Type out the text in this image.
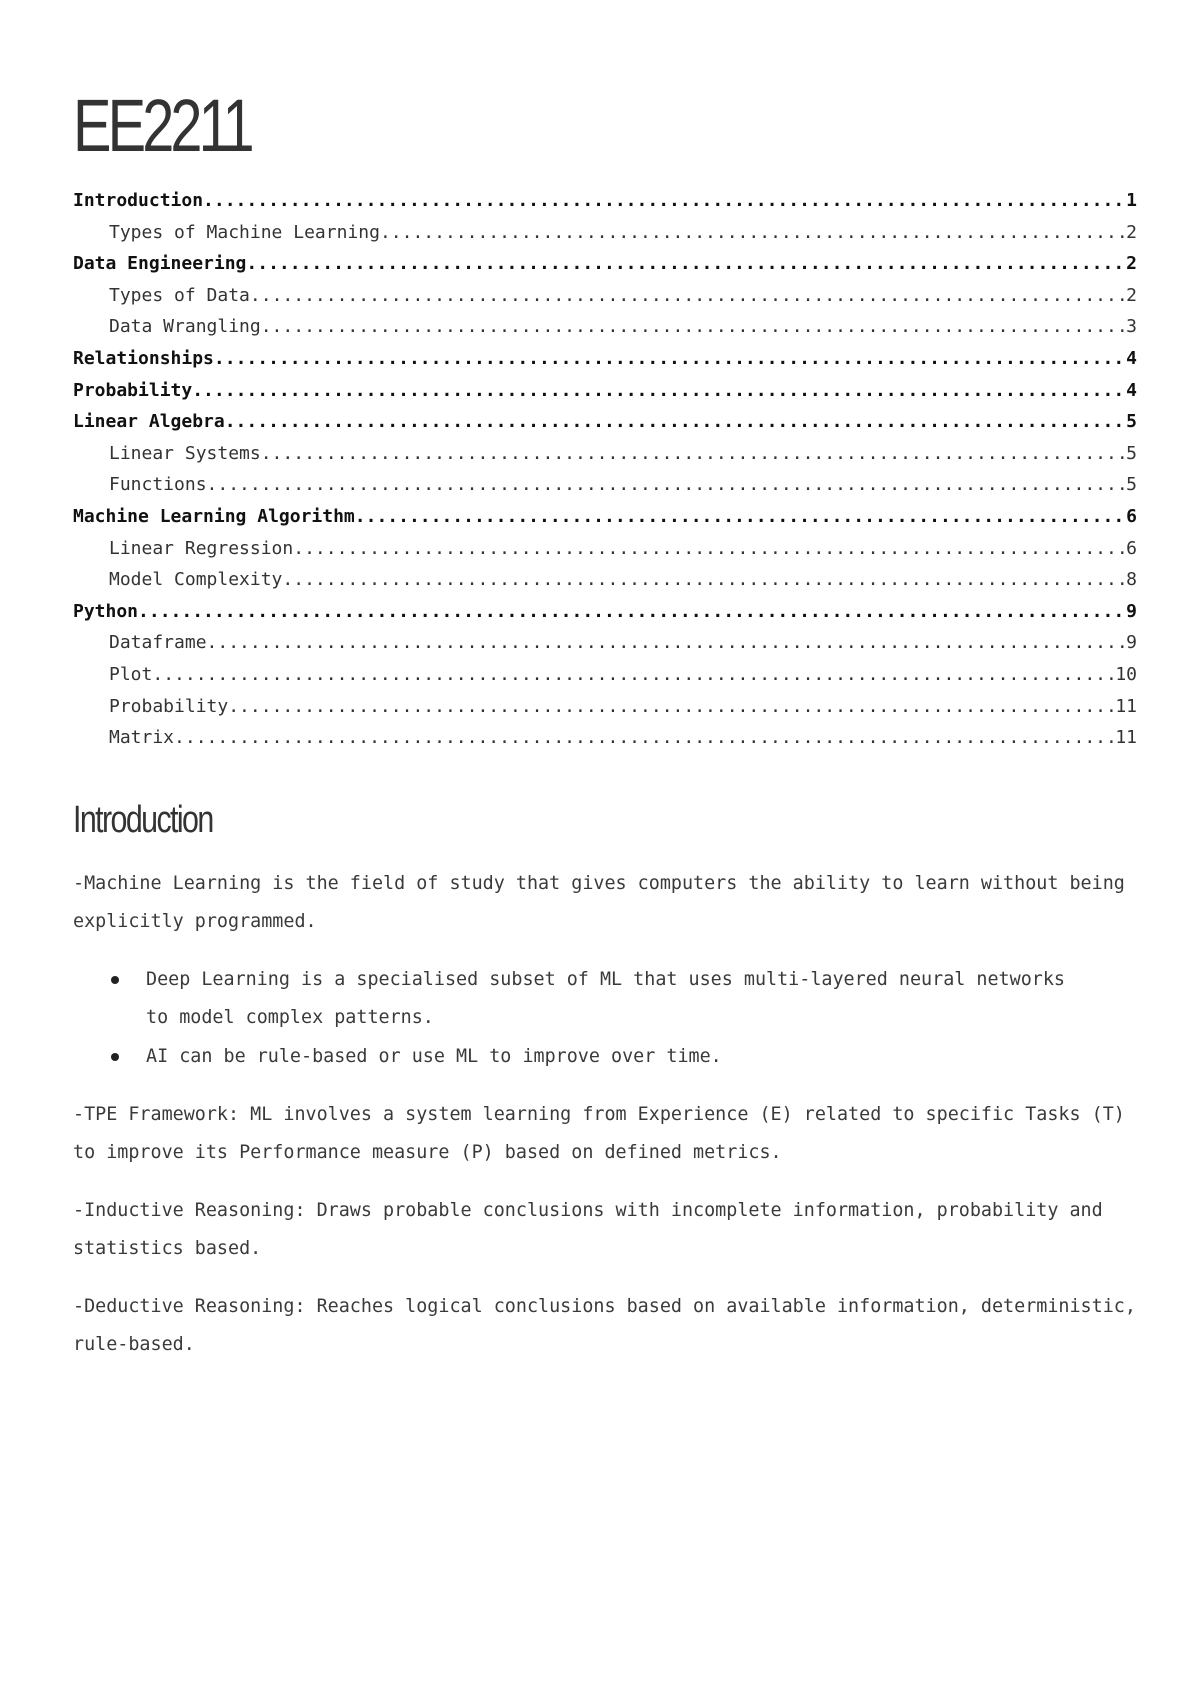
EE2211
Introduction .....	1
Types of Machine Learning .....	2
Data Engineering .....	2
Types of Data .....	2
Data Wrangling .....	3
Relationships .....	4
Probability .....	4
Linear Algebra .....	5
Linear Systems .....	5
Functions .....	5
Machine Learning Algorithm .....	6
Linear Regression .....	6
Model Complexity .....	8
Python .....	9
Dataframe .....	9
Plot .....	10
Probability .....	11
Matrix .....	11
Introduction

-Machine Learning is the field of study that gives computers the ability to learn without being explicitly programmed.

Deep Learning is a specialised subset of ML that uses multi-layered neural networks to model complex patterns.
AI can be rule-based or use ML to improve over time.

-TPE Framework: ML involves a system learning from Experience (E) related to specific Tasks (T) to improve its Performance measure (P) based on defined metrics.

-Inductive Reasoning: Draws probable conclusions with incomplete information, probability and statistics based.

-Deductive Reasoning: Reaches logical conclusions based on available information, deterministic, rule-based.
